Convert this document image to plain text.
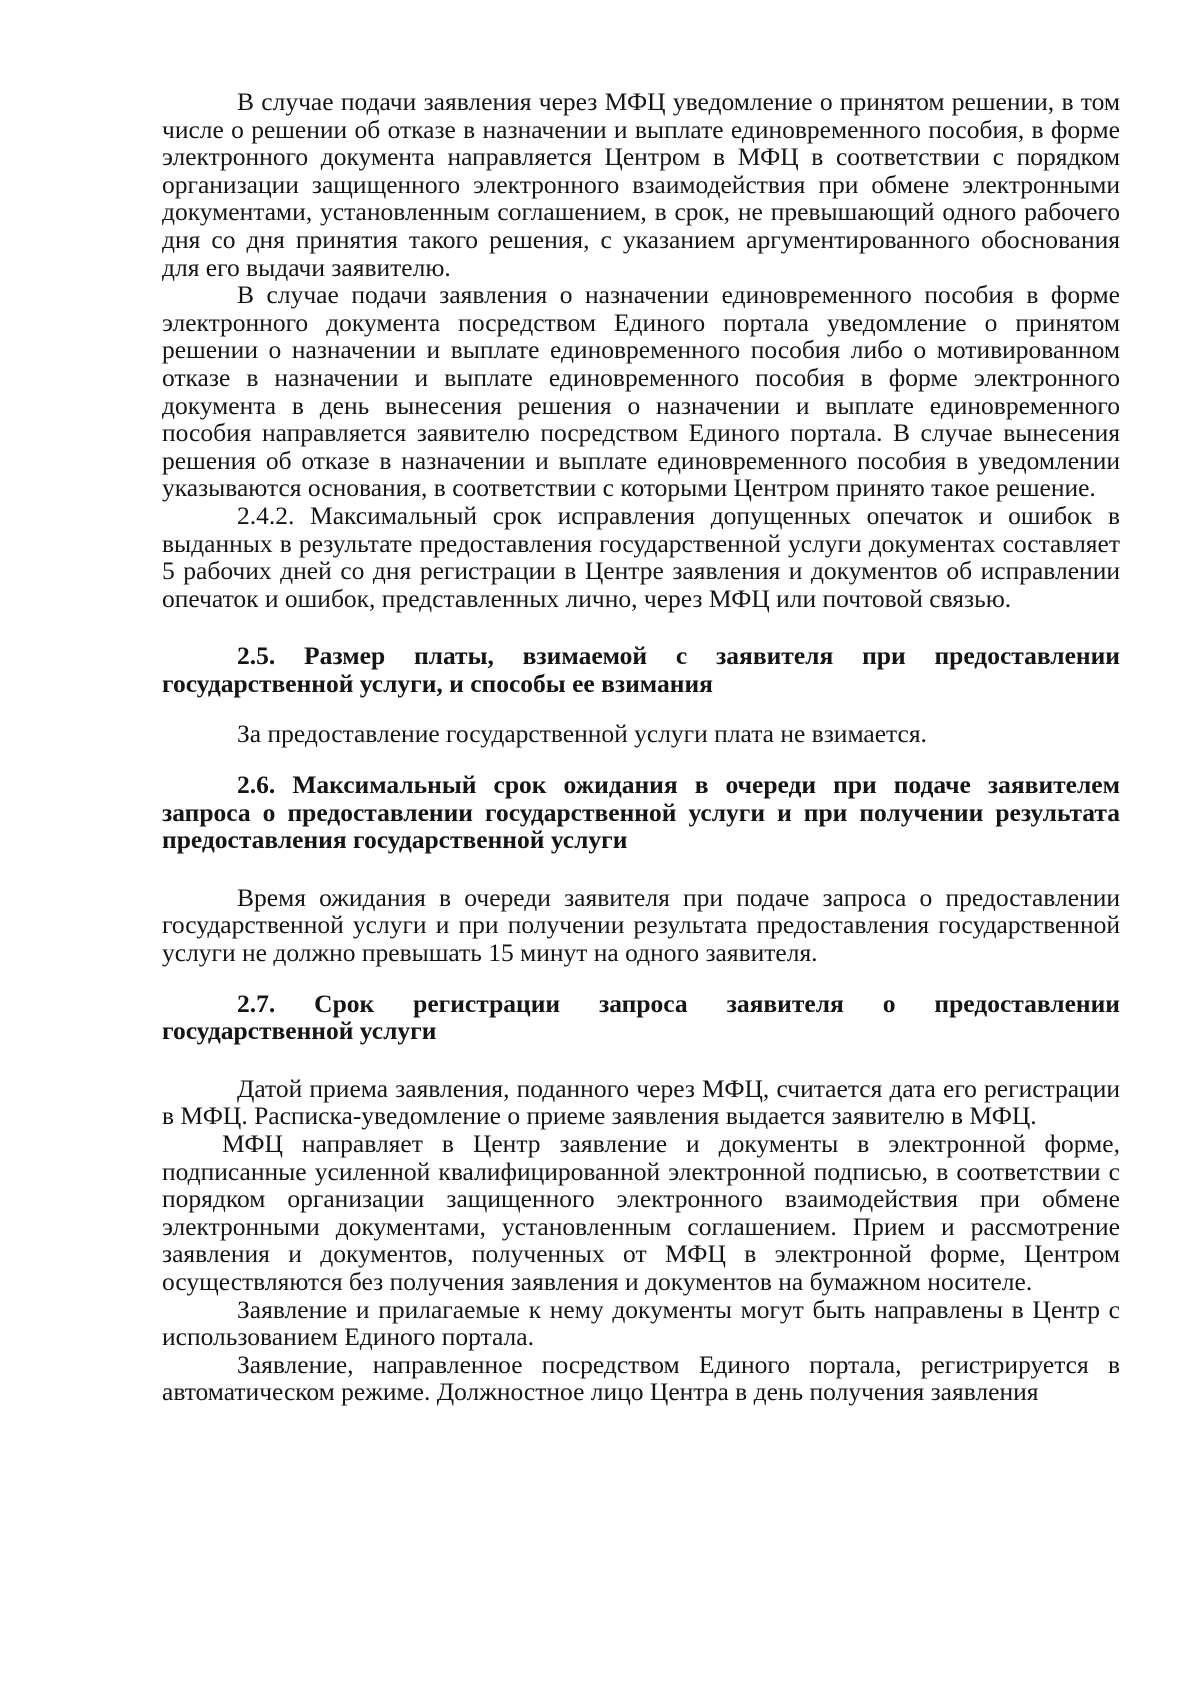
В случае подачи заявления через МФЦ уведомление о принятом решении, в том числе о решении об отказе в назначении и выплате единовременного пособия, в форме электронного документа направляется Центром в МФЦ в соответствии с порядком организации защищенного электронного взаимодействия при обмене электронными документами, установленным соглашением, в срок, не превышающий одного рабочего дня со дня принятия такого решения, с указанием аргументированного обоснования для его выдачи заявителю.

В случае подачи заявления о назначении единовременного пособия в форме электронного документа посредством Единого портала уведомление о принятом решении о назначении и выплате единовременного пособия либо о мотивированном отказе в назначении и выплате единовременного пособия в форме электронного документа в день вынесения решения о назначении и выплате единовременного пособия направляется заявителю посредством Единого портала. В случае вынесения решения об отказе в назначении и выплате единовременного пособия в уведомлении указываются основания, в соответствии с которыми Центром принято такое решение.

2.4.2. Максимальный срок исправления допущенных опечаток и ошибок в выданных в результате предоставления государственной услуги документах составляет 5 рабочих дней со дня регистрации в Центре заявления и документов об исправлении опечаток и ошибок, представленных лично, через МФЦ или почтовой связью.

2.5. Размер платы, взимаемой с заявителя при предоставлении государственной услуги, и способы ее взимания

За предоставление государственной услуги плата не взимается.

2.6. Максимальный срок ожидания в очереди при подаче заявителем запроса о предоставлении государственной услуги и при получении результата предоставления государственной услуги

Время ожидания в очереди заявителя при подаче запроса о предоставлении государственной услуги и при получении результата предоставления государственной услуги не должно превышать 15 минут на одного заявителя.

2.7. Срок регистрации запроса заявителя о предоставлении государственной услуги

Датой приема заявления, поданного через МФЦ, считается дата его регистрации в МФЦ. Расписка-уведомление о приеме заявления выдается заявителю в МФЦ.

МФЦ направляет в Центр заявление и документы в электронной форме, подписанные усиленной квалифицированной электронной подписью, в соответствии с порядком организации защищенного электронного взаимодействия при обмене электронными документами, установленным соглашением. Прием и рассмотрение заявления и документов, полученных от МФЦ в электронной форме, Центром осуществляются без получения заявления и документов на бумажном носителе.

Заявление и прилагаемые к нему документы могут быть направлены в Центр с использованием Единого портала.

Заявление, направленное посредством Единого портала, регистрируется в автоматическом режиме. Должностное лицо Центра в день получения заявления
